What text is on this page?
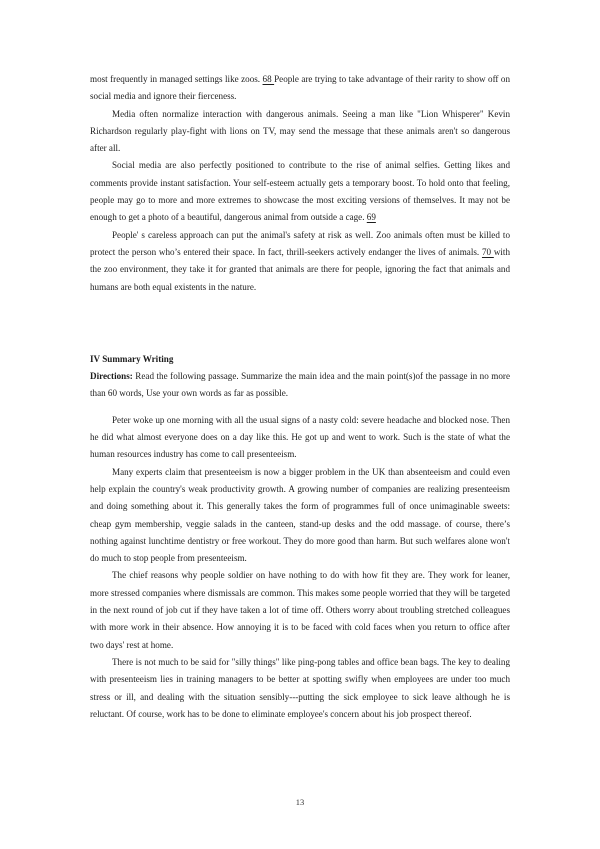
most frequently in managed settings like zoos. 68 People are trying to take advantage of their rarity to show off on social media and ignore their fierceness.

Media often normalize interaction with dangerous animals. Seeing a man like "Lion Whisperer" Kevin Richardson regularly play-fight with lions on TV, may send the message that these animals aren't so dangerous after all.

Social media are also perfectly positioned to contribute to the rise of animal selfies. Getting likes and comments provide instant satisfaction. Your self-esteem actually gets a temporary boost. To hold onto that feeling, people may go to more and more extremes to showcase the most exciting versions of themselves. It may not be enough to get a photo of a beautiful, dangerous animal from outside a cage. 69

People' s careless approach can put the animal's safety at risk as well. Zoo animals often must be killed to protect the person who’s entered their space. In fact, thrill-seekers actively endanger the lives of animals. 70 with the zoo environment, they take it for granted that animals are there for people, ignoring the fact that animals and humans are both equal existents in the nature.

IV Summary Writing

Directions: Read the following passage. Summarize the main idea and the main point(s)of the passage in no more than 60 words, Use your own words as far as possible.

Peter woke up one morning with all the usual signs of a nasty cold: severe headache and blocked nose. Then he did what almost everyone does on a day like this. He got up and went to work. Such is the state of what the human resources industry has come to call presenteeism.

Many experts claim that presenteeism is now a bigger problem in the UK than absenteeism and could even help explain the country's weak productivity growth. A growing number of companies are realizing presenteeism and doing something about it. This generally takes the form of programmes full of once unimaginable sweets: cheap gym membership, veggie salads in the canteen, stand-up desks and the odd massage. of course, there’s nothing against lunchtime dentistry or free workout. They do more good than harm. But such welfares alone won't do much to stop people from presenteeism.

The chief reasons why people soldier on have nothing to do with how fit they are. They work for leaner, more stressed companies where dismissals are common. This makes some people worried that they will be targeted in the next round of job cut if they have taken a lot of time off. Others worry about troubling stretched colleagues with more work in their absence. How annoying it is to be faced with cold faces when you return to office after two days' rest at home.

There is not much to be said for "silly things" like ping-pong tables and office bean bags. The key to dealing with presenteeism lies in training managers to be better at spotting swifly when employees are under too much stress or ill, and dealing with the situation sensibly---putting the sick employee to sick leave although he is reluctant. Of course, work has to be done to eliminate employee's concern about his job prospect thereof.

13
